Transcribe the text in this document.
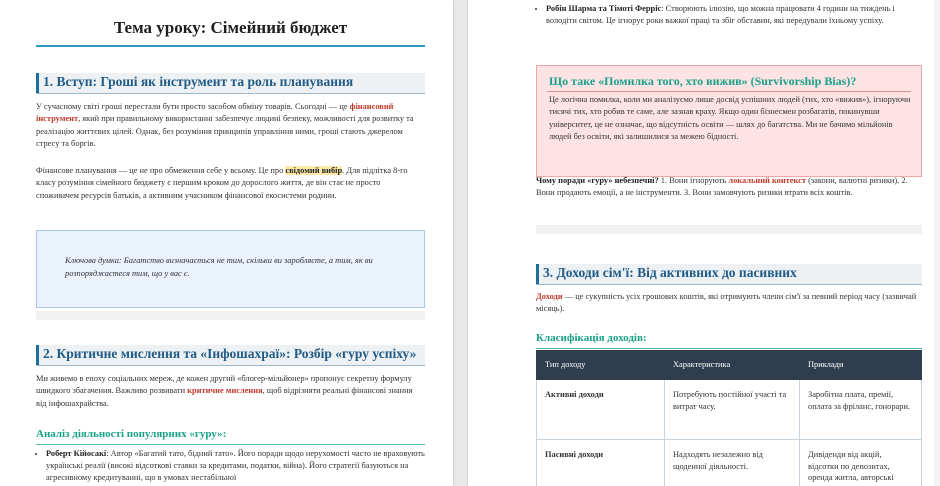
Тема уроку: Сімейний бюджет
1. Вступ: Гроші як інструмент та роль планування

У сучасному світі гроші перестали бути просто засобом обміну товарів. Сьогодні — це фінансовий інструмент, який при правильному використанні забезпечує людині безпеку, можливості для розвитку та реалізацію життєвих цілей. Однак, без розуміння принципів управління ними, гроші стають джерелом стресу та боргів.

Фінансове планування — це не про обмеження себе у всьому. Це про свідомий вибір. Для підлітка 8-го класу розуміння сімейного бюджету є першим кроком до дорослого життя, де він стає не просто споживачем ресурсів батьків, а активним учасником фінансової екосистеми родини.

Ключова думка: Багатство визначається не тим, скільки ви заробляєте, а тим, як ви розпоряджаєтеся тим, що у вас є.

2. Критичне мислення та «Інфошахраї»: Розбір «гуру успіху»

Ми живемо в епоху соціальних мереж, де кожен другий «блогер-мільйонер» пропонує секретну формулу швидкого збагачення. Важливо розвивати критичне мислення, щоб відрізняти реальні фінансові знання від інфошахрайства.

Аналіз діяльності популярних «гуру»:
• Роберт Кійосакі: Автор «Багатий тато, бідний тато». Його поради щодо нерухомості часто не враховують українські реалії (високі відсоткові ставки за кредитами, податки, війна). Його стратегії базуються на агресивному кредитуванні, що в умовах нестабільної
• Робін Шарма та Тімоті Ферріс: Створюють ілюзію, що можна працювати 4 години на тиждень і володіти світом. Це ігнорує роки важкої праці та збіг обставин, які передували їхньому успіху.
Що таке «Помилка того, хто вижив» (Survivorship Bias)?

Це логічна помилка, коли ми аналізуємо лише досвід успішних людей (тих, хто «вижив»), ігноруючи тисячі тих, хто робив те саме, але зазнав краху. Якщо один бізнесмен розбагатів, покинувши університет, це не означає, що відсутність освіти — шлях до багатства. Ми не бачимо мільйонів людей без освіти, які залишилися за межею бідності.

Чому поради «гуру» небезпечні? 1. Вони ігнорують локальний контекст (закони, валютні ризики). 2. Вони продають емоції, а не інструменти. 3. Вони замовчують ризики втрати всіх коштів.

3. Доходи сім'ї: Від активних до пасивних

Доходи — це сукупність усіх грошових коштів, які отримують члени сім'ї за певний період часу (зазвичай місяць).

Класифікація доходів:
Тип доходу	Характеристика	Приклади
Активні доходи	Потребують постійної участі та витрат часу.	Заробітна плата, премії, оплата за фріланс, гонорари.
Пасивні доходи	Надходять незалежно від щоденної діяльності.	Дивіденди від акцій, відсотки по депозитах, оренда житла, авторські
